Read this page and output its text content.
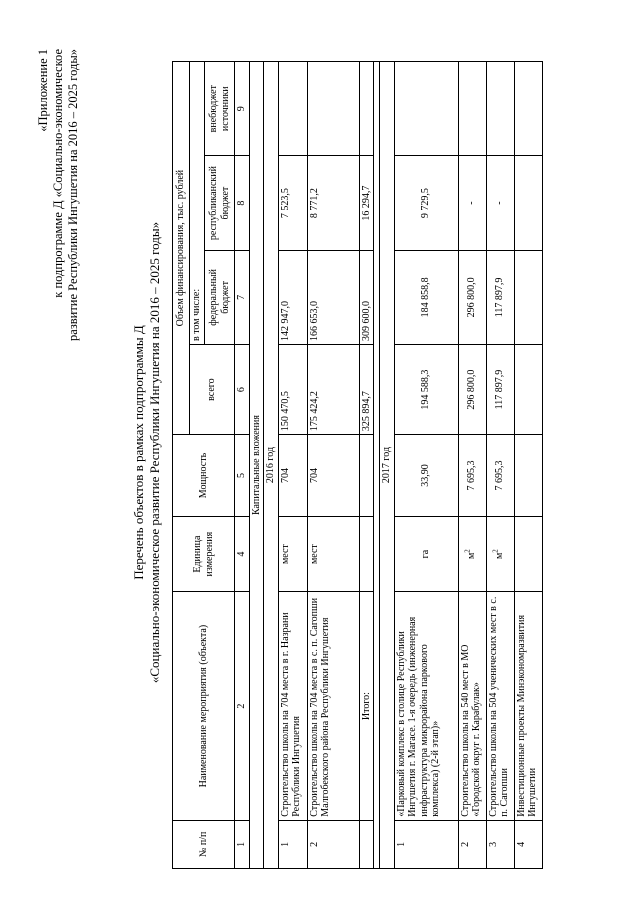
«Приложение 1 к подпрограмме Д «Социально-экономическое развитие Республики Ингушетия на 2016 – 2025 годы»
Перечень объектов в рамках подпрограммы Д «Социально-экономическое развитие Республики Ингушетия на 2016 – 2025 годы»
№ п/п	Наименование мероприятия (объекта)	Единица измерения	Мощность	Объем финансирования, тыс. рублей			
				всего	в том числе:		
					федеральный бюджет	республиканский бюджет	внебюджет источники
1	2	4	5	6	7	8	9
Капитальные вложения							
2016 год							
1	Строительство школы на 704 места в г. Назрани Республики Ингушетия	мест	704	150 470,5	142 947,0	7 523,5	
2	Строительство школы на 704 места в с. п. Сагопши Малгобекского района Республики Ингушетия	мест	704	175 424,2	166 653,0	8 771,2	
	Итого:			325 894,7	309 600,0	16 294,7	

2017 год							
1	«Парковый комплекс в столице Республики Ингушетия г. Магасе. 1-я очередь (инженерная инфраструктура микрорайона паркового комплекса) (2-й этап)»	га	33,90	194 588,3	184 858,8	9 729,5	
2	Строительство школы на 540 мест в МО «Городской округ г. Карабулак»	$м^2$	7 695,3	296 800,0	296 800,0	-	
3	Строительство школы на 504 ученических мест в с. п. Сагопши	$м^2$	7 695,3	117 897,9	117 897,9	-	
4	Инвестиционные проекты Минэкономразвития Ингушетии						
